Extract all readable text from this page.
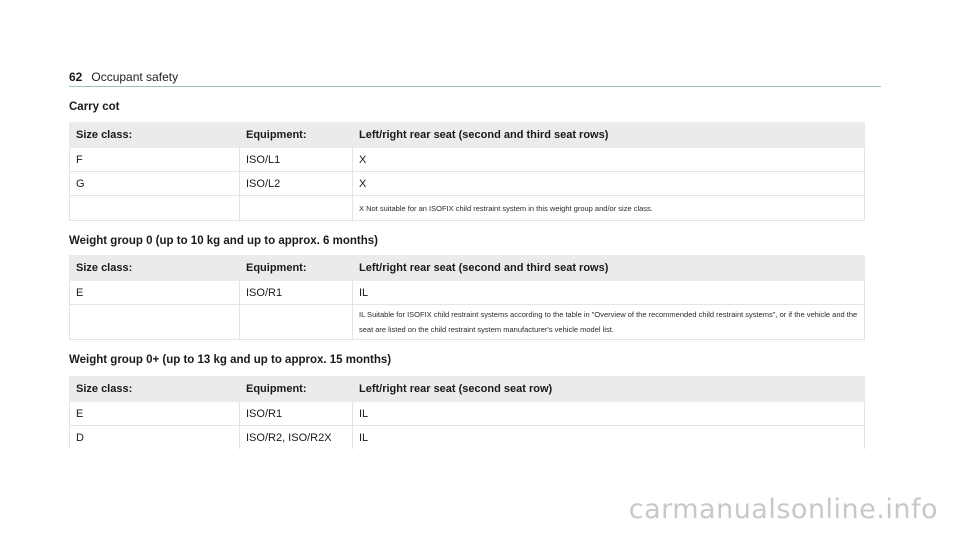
62 Occupant safety
Carry cot
Size class:	Equipment:	Left/right rear seat (second and third seat rows)
F	ISO/L1	X
G	ISO/L2	X
		X Not suitable for an ISOFIX child restraint system in this weight group and/or size class.
Weight group 0 (up to 10 kg and up to approx. 6 months)
Size class:	Equipment:	Left/right rear seat (second and third seat rows)
E	ISO/R1	IL
		IL Suitable for ISOFIX child restraint systems according to the table in "Overview of the recommended child restraint systems", or if the vehicle and the seat are listed on the child restraint system manufacturer's vehicle model list.
Weight group 0+ (up to 13 kg and up to approx. 15 months)
Size class:	Equipment:	Left/right rear seat (second seat row)
E	ISO/R1	IL
D	ISO/R2, ISO/R2X	IL
carmanualsonline.info
